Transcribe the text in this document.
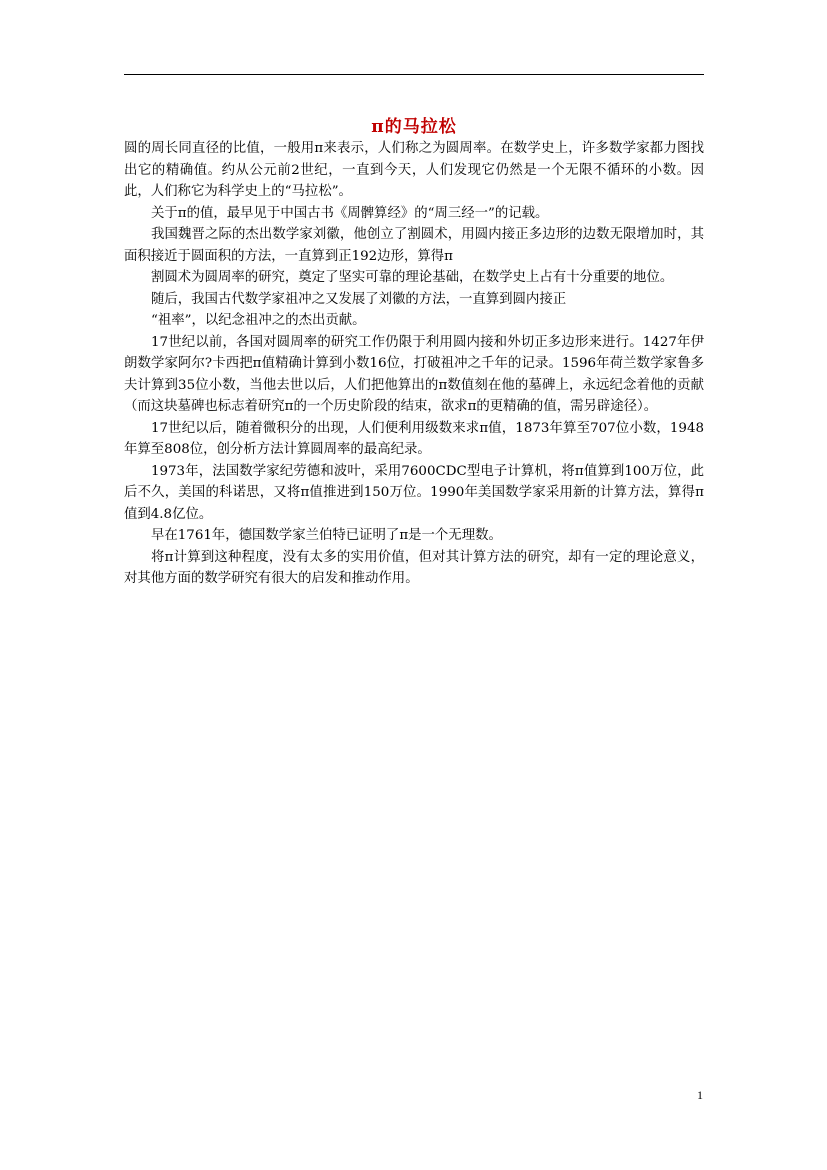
π的马拉松

圆的周长同直径的比值，一般用π来表示，人们称之为圆周率。在数学史上，许多数学家都力图找出它的精确值。约从公元前2世纪，一直到今天，人们发现它仍然是一个无限不循环的小数。因此，人们称它为科学史上的“马拉松”。

关于π的值，最早见于中国古书《周髀算经》的“周三经一”的记载。

我国魏晋之际的杰出数学家刘徽，他创立了割圆术，用圆内接正多边形的边数无限增加时，其面积接近于圆面积的方法，一直算到正192边形，算得π

割圆术为圆周率的研究，奠定了坚实可靠的理论基础，在数学史上占有十分重要的地位。

随后，我国古代数学家祖冲之又发展了刘徽的方法，一直算到圆内接正

“祖率”，以纪念祖冲之的杰出贡献。

17世纪以前，各国对圆周率的研究工作仍限于利用圆内接和外切正多边形来进行。1427年伊朗数学家阿尔?卡西把π值精确计算到小数16位，打破祖冲之千年的记录。1596年荷兰数学家鲁多夫计算到35位小数，当他去世以后，人们把他算出的π数值刻在他的墓碑上，永远纪念着他的贡献（而这块墓碑也标志着研究π的一个历史阶段的结束，欲求π的更精确的值，需另辟途径）。

17世纪以后，随着微积分的出现，人们便利用级数来求π值，1873年算至707位小数，1948年算至808位，创分析方法计算圆周率的最高纪录。

1973年，法国数学家纪劳德和波叶，采用7600CDC型电子计算机，将π值算到100万位，此后不久，美国的科诺思，又将π值推进到150万位。1990年美国数学家采用新的计算方法，算得π值到4.8亿位。

早在1761年，德国数学家兰伯特已证明了π是一个无理数。

将π计算到这种程度，没有太多的实用价值，但对其计算方法的研究，却有一定的理论意义，对其他方面的数学研究有很大的启发和推动作用。

1
